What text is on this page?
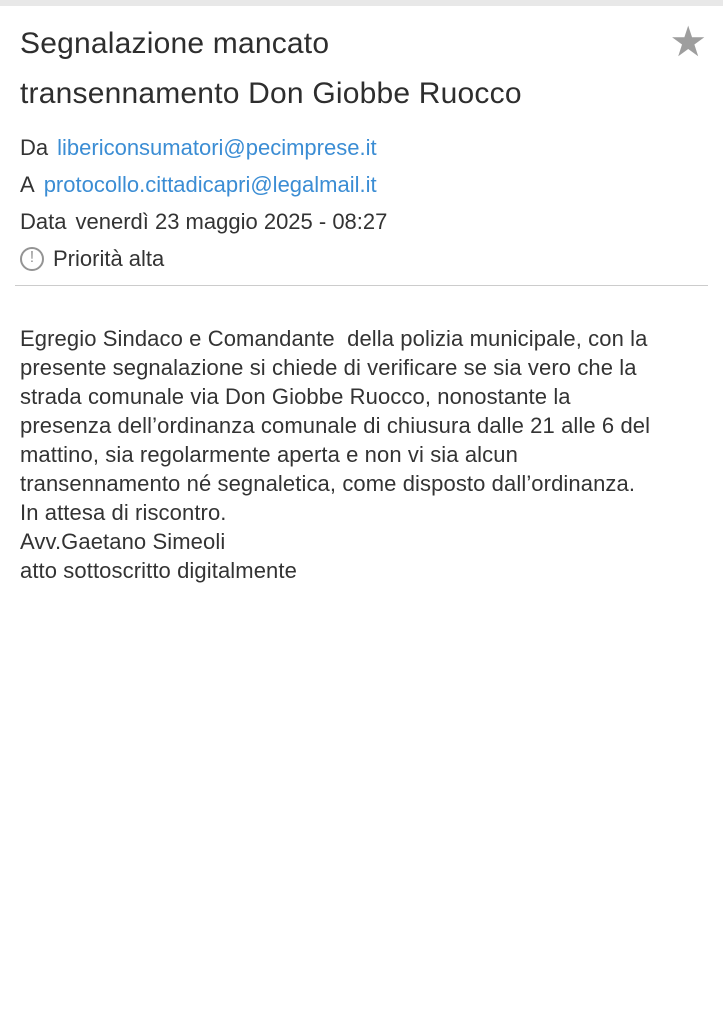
Segnalazione mancato
transennamento Don Giobbe Ruocco
★
Da libericonsumatori@pecimprese.it
A protocollo.cittadicapri@legalmail.it
Data venerdì 23 maggio 2025 - 08:27
! Priorità alta
Egregio Sindaco e Comandante  della polizia municipale, con la
presente segnalazione si chiede di verificare se sia vero che la
strada comunale via Don Giobbe Ruocco, nonostante la
presenza dell’ordinanza comunale di chiusura dalle 21 alle 6 del
mattino, sia regolarmente aperta e non vi sia alcun
transennamento né segnaletica, come disposto dall’ordinanza.
In attesa di riscontro.
Avv.Gaetano Simeoli
atto sottoscritto digitalmente
